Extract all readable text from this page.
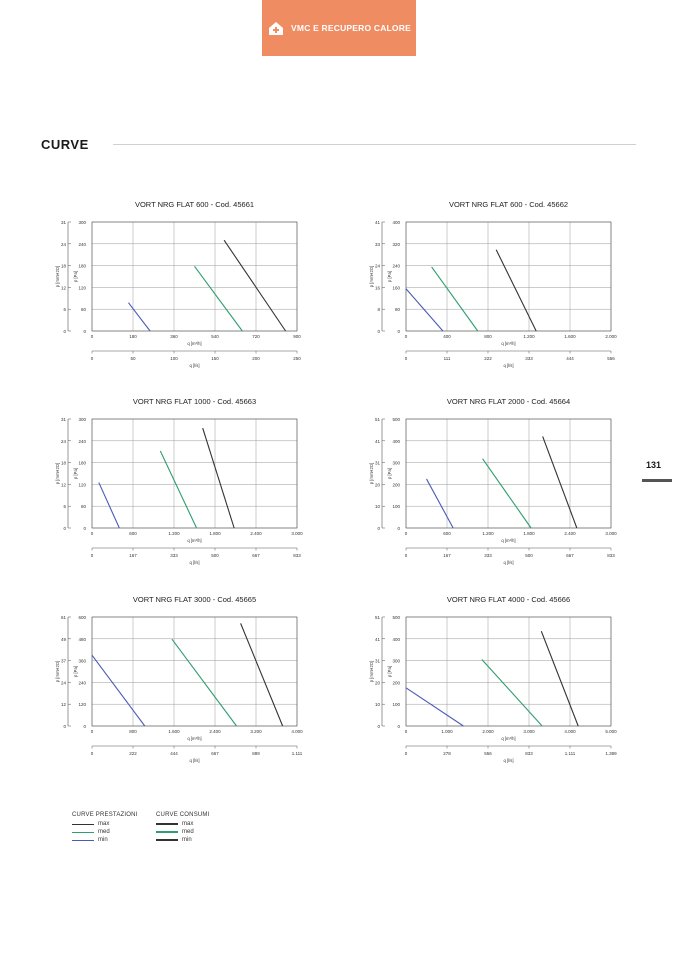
VMC E RECUPERO CALORE
CURVE
131
VORT NRG FLAT 600 - Cod. 45661
0
60
120
180
240
300
0
6
12
18
24
31
p [Pa]
p [mmH2O]
0	180	360	540	720	900
q [m³/h]
0	50	100	150	200	250
q [l/s]
VORT NRG FLAT 600 - Cod. 45662
0
80
160
240
320
400
0
8
16
24
33
41
p [Pa]
p [mmH2O]
0	400	800	1.200	1.600	2.000
q [m³/h]
0	111	222	333	444	556
q [l/s]
VORT NRG FLAT 1000 - Cod. 45663
0
60
120
180
240
300
0
6
12
18
24
31
p [Pa]
p [mmH2O]
0	600	1.200	1.800	2.400	3.000
q [m³/h]
0	167	333	500	667	833
q [l/s]
VORT NRG FLAT 2000 - Cod. 45664
0
100
200
300
400
500
0
10
20
31
41
51
p [Pa]
p [mmH2O]
0	600	1.200	1.800	2.400	3.000
q [m³/h]
0	167	333	500	667	833
q [l/s]
VORT NRG FLAT 3000 - Cod. 45665
0
120
240
360
480
600
0
12
24
37
49
61
p [Pa]
p [mmH2O]
0	800	1.600	2.400	3.200	4.000
q [m³/h]
0	222	444	667	889	1.111
q [l/s]
VORT NRG FLAT 4000 - Cod. 45666
0
100
200
300
400
500
0
10
20
31
41
51
p [Pa]
p [mmH2O]
0	1.000	2.000	3.000	4.000	5.000
q [m³/h]
0	278	556	833	1.111	1.389
q [l/s]
CURVE PRESTAZIONI
max
med
min
CURVE CONSUMI
max
med
min
